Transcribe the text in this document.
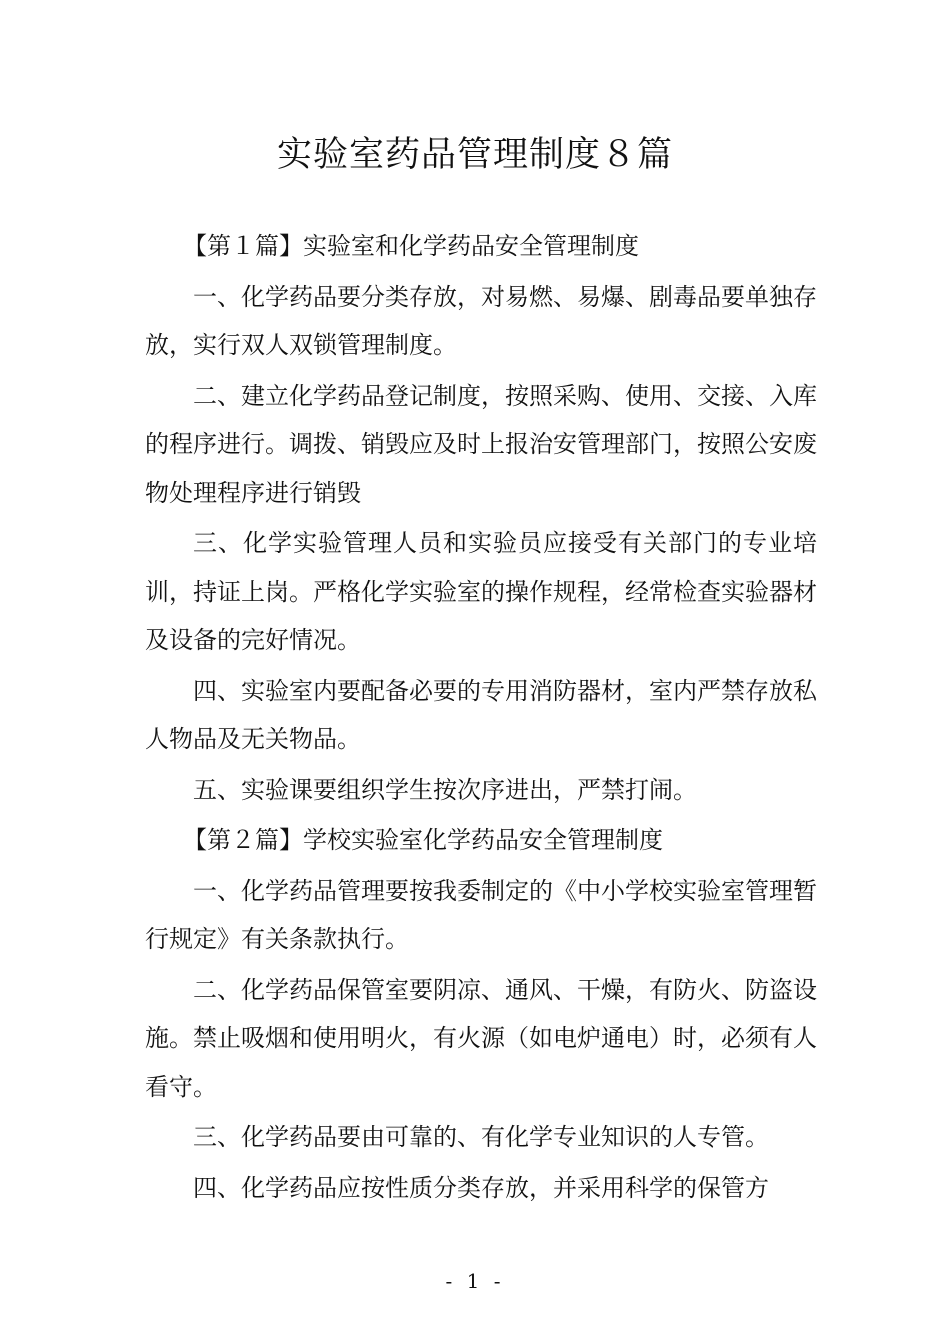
实验室药品管理制度８篇

【第１篇】实验室和化学药品安全管理制度

一、化学药品要分类存放，对易燃、易爆、剧毒品要单独存放，实行双人双锁管理制度。

二、建立化学药品登记制度，按照采购、使用、交接、入库的程序进行。调拨、销毁应及时上报治安管理部门，按照公安废物处理程序进行销毁

三、化学实验管理人员和实验员应接受有关部门的专业培训，持证上岗。严格化学实验室的操作规程，经常检查实验器材及设备的完好情况。

四、实验室内要配备必要的专用消防器材，室内严禁存放私人物品及无关物品。

五、实验课要组织学生按次序进出，严禁打闹。

【第２篇】学校实验室化学药品安全管理制度

一、化学药品管理要按我委制定的《中小学校实验室管理暂行规定》有关条款执行。

二、化学药品保管室要阴凉、通风、干燥，有防火、防盗设施。禁止吸烟和使用明火，有火源（如电炉通电）时，必须有人看守。

三、化学药品要由可靠的、有化学专业知识的人专管。

四、化学药品应按性质分类存放，并采用科学的保管方

- 1 -
